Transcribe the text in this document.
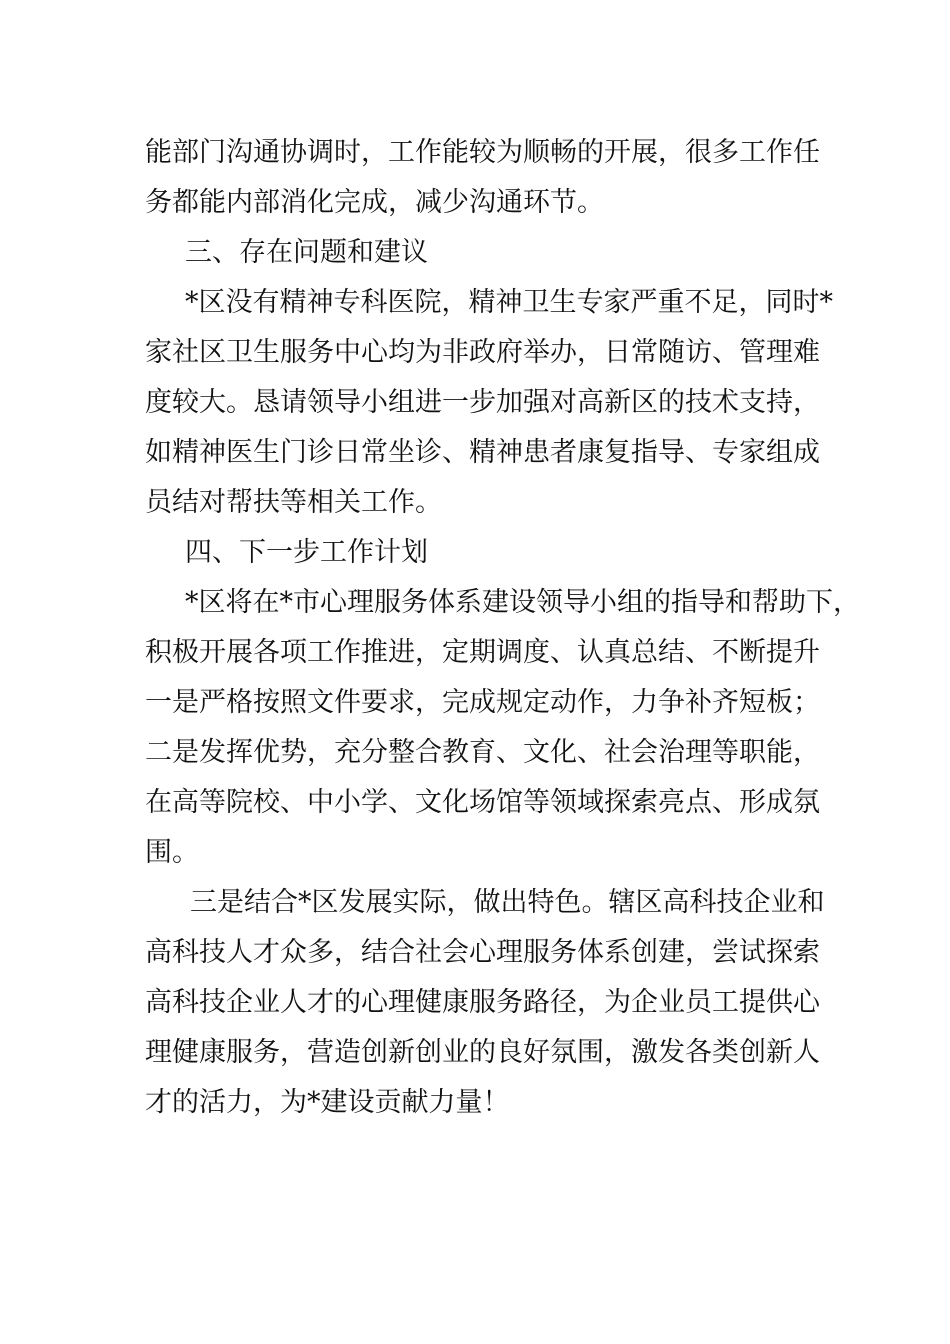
能部门沟通协调时，工作能较为顺畅的开展，很多工作任
务都能内部消化完成，减少沟通环节。
三、存在问题和建议
*区没有精神专科医院，精神卫生专家严重不足，同时*
家社区卫生服务中心均为非政府举办，日常随访、管理难
度较大。恳请领导小组进一步加强对高新区的技术支持，
如精神医生门诊日常坐诊、精神患者康复指导、专家组成
员结对帮扶等相关工作。
四、下一步工作计划
*区将在*市心理服务体系建设领导小组的指导和帮助下，
积极开展各项工作推进，定期调度、认真总结、不断提升
一是严格按照文件要求，完成规定动作，力争补齐短板；
二是发挥优势，充分整合教育、文化、社会治理等职能，
在高等院校、中小学、文化场馆等领域探索亮点、形成氛
围。
三是结合*区发展实际，做出特色。辖区高科技企业和
高科技人才众多，结合社会心理服务体系创建，尝试探索
高科技企业人才的心理健康服务路径，为企业员工提供心
理健康服务，营造创新创业的良好氛围，激发各类创新人
才的活力，为*建设贡献力量！
